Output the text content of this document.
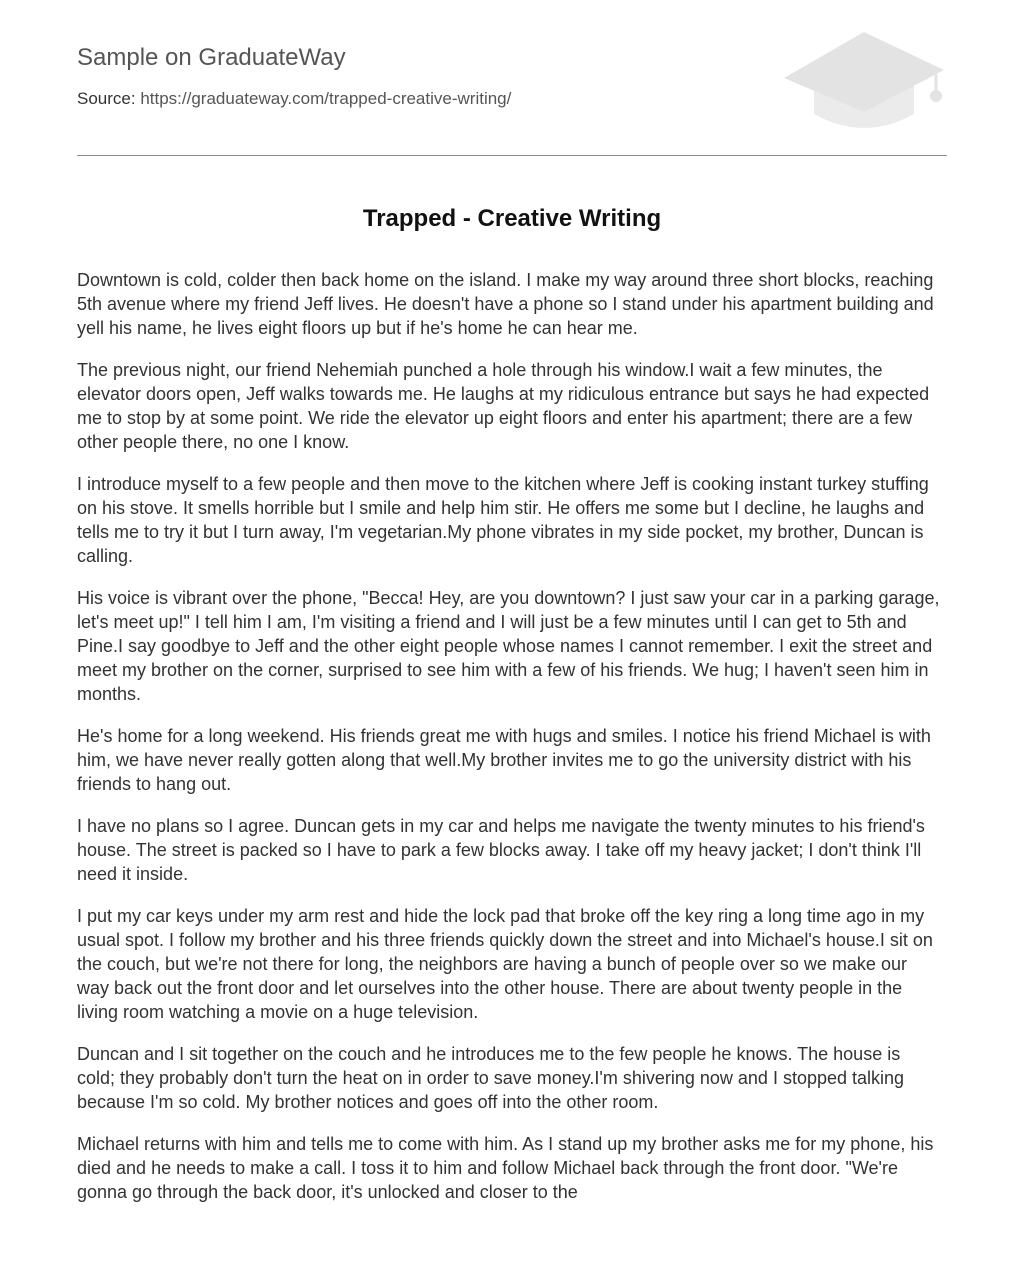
Sample on GraduateWay
Source: https://graduateway.com/trapped-creative-writing/
Trapped - Creative Writing

Downtown is cold, colder then back home on the island. I make my way around three short blocks, reaching 5th avenue where my friend Jeff lives. He doesn't have a phone so I stand under his apartment building and yell his name, he lives eight floors up but if he's home he can hear me.

The previous night, our friend Nehemiah punched a hole through his window.I wait a few minutes, the elevator doors open, Jeff walks towards me. He laughs at my ridiculous entrance but says he had expected me to stop by at some point. We ride the elevator up eight floors and enter his apartment; there are a few other people there, no one I know.

I introduce myself to a few people and then move to the kitchen where Jeff is cooking instant turkey stuffing on his stove. It smells horrible but I smile and help him stir. He offers me some but I decline, he laughs and tells me to try it but I turn away, I'm vegetarian.My phone vibrates in my side pocket, my brother, Duncan is calling.

His voice is vibrant over the phone, "Becca! Hey, are you downtown? I just saw your car in a parking garage, let's meet up!" I tell him I am, I'm visiting a friend and I will just be a few minutes until I can get to 5th and Pine.I say goodbye to Jeff and the other eight people whose names I cannot remember. I exit the street and meet my brother on the corner, surprised to see him with a few of his friends. We hug; I haven't seen him in months.

He's home for a long weekend. His friends great me with hugs and smiles. I notice his friend Michael is with him, we have never really gotten along that well.My brother invites me to go the university district with his friends to hang out.

I have no plans so I agree. Duncan gets in my car and helps me navigate the twenty minutes to his friend's house. The street is packed so I have to park a few blocks away. I take off my heavy jacket; I don't think I'll need it inside.

I put my car keys under my arm rest and hide the lock pad that broke off the key ring a long time ago in my usual spot. I follow my brother and his three friends quickly down the street and into Michael's house.I sit on the couch, but we're not there for long, the neighbors are having a bunch of people over so we make our way back out the front door and let ourselves into the other house. There are about twenty people in the living room watching a movie on a huge television.

Duncan and I sit together on the couch and he introduces me to the few people he knows. The house is cold; they probably don't turn the heat on in order to save money.I'm shivering now and I stopped talking because I'm so cold. My brother notices and goes off into the other room.

Michael returns with him and tells me to come with him. As I stand up my brother asks me for my phone, his died and he needs to make a call. I toss it to him and follow Michael back through the front door. "We're gonna go through the back door, it's unlocked and closer to the
